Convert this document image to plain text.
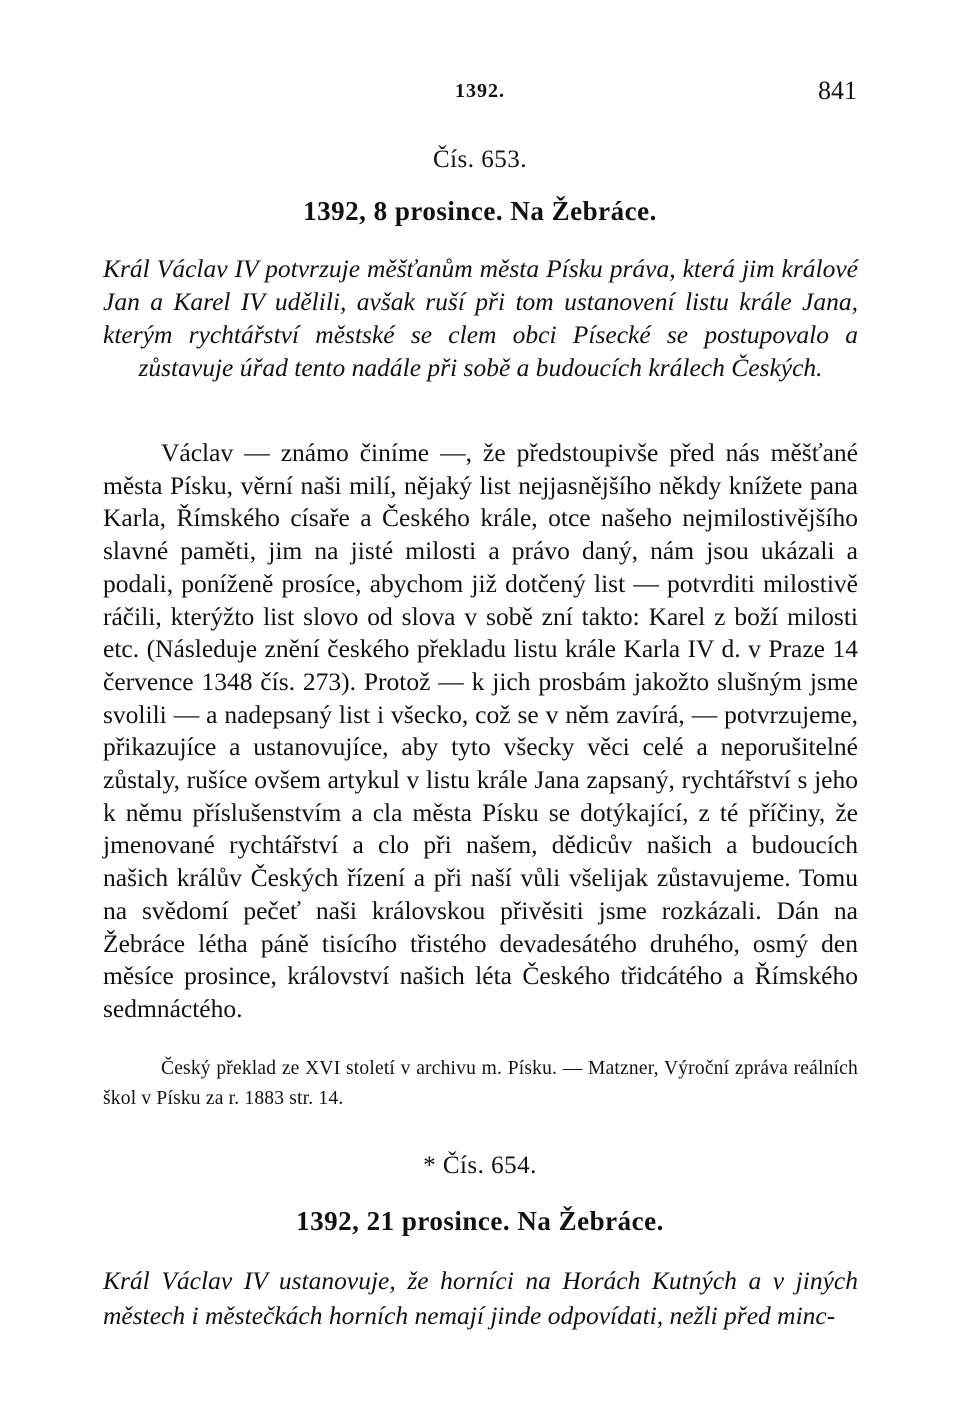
1392.	841
Čís. 653.
1392, 8 prosince. Na Žebráce.

Král Václav IV potvrzuje měšťanům města Písku práva, která jim králové Jan a Karel IV udělili, avšak ruší při tom ustanovení listu krále Jana, kterým rychtářství městské se clem obci Písecké se postupovalo a zůstavuje úřad tento nadále při sobě a budoucích králech Českých.

Václav — známo činíme —, že předstoupivše před nás měšťané města Písku, věrní naši milí, nějaký list nejjasnějšího někdy knížete pana Karla, Římského císaře a Českého krále, otce našeho nejmilostivějšího slavné paměti, jim na jisté milosti a právo daný, nám jsou ukázali a podali, poníženě prosíce, abychom již dotčený list — potvrditi milostivě ráčili, kterýžto list slovo od slova v sobě zní takto: Karel z boží milosti etc. (Následuje znění českého překladu listu krále Karla IV d. v Praze 14 července 1348 čís. 273). Protož — k jich prosbám jakožto slušným jsme svolili — a nadepsaný list i všecko, což se v něm zavírá, — potvrzujeme, přikazujíce a ustanovujíce, aby tyto všecky věci celé a neporušitelné zůstaly, rušíce ovšem artykul v listu krále Jana zapsaný, rychtářství s jeho k němu příslušenstvím a cla města Písku se dotýkající, z té příčiny, že jmenované rychtářství a clo při našem, dědicův našich a budoucích našich králův Českých řízení a při naší vůli všelijak zůstavujeme. Tomu na svědomí pečeť naši královskou přivěsiti jsme rozkázali. Dán na Žebráce létha páně tisícího třistého devadesátého druhého, osmý den měsíce prosince, království našich léta Českého třidcátého a Římského sedmnáctého.

Český překlad ze XVI století v archivu m. Písku. — Matzner, Výroční zpráva reálních škol v Písku za r. 1883 str. 14.

* Čís. 654.
1392, 21 prosince. Na Žebráce.

Král Václav IV ustanovuje, že horníci na Horách Kutných a v jiných městech i městečkách horních nemají jinde odpovídati, nežli před minc-
